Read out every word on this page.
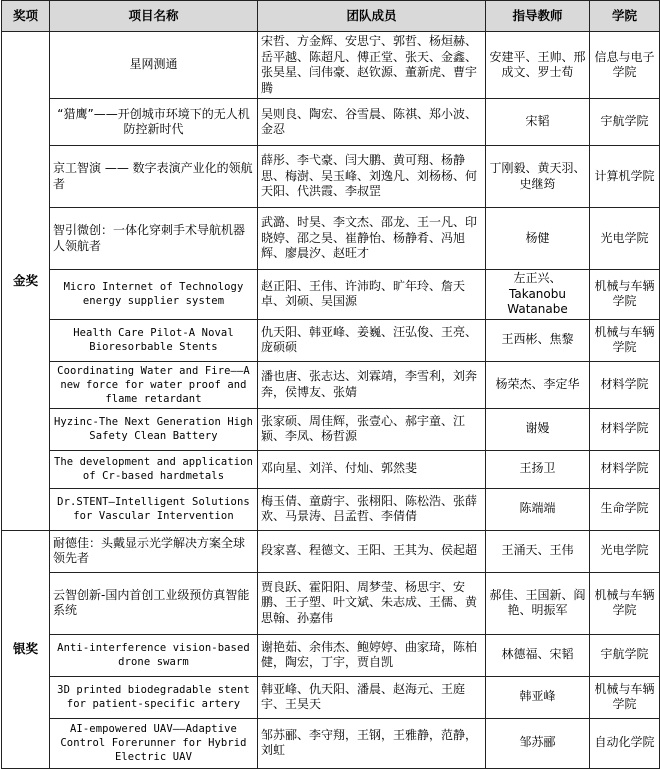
奖项	项目名称	团队成员	指导教师	学院
金奖	星网测通	宋哲、方金辉、安思宁、郭哲、杨烜赫、岳平越、陈超凡、傅正堂、张天、金鑫、张昊星、闫伟豪、赵钦源、董新虎、曹宇腾	安建平、王帅、邢成文、罗士荀	信息与电子学院
	“猎鹰”——开创城市环境下的无人机防控新时代	吴则良、陶宏、谷雪晨、陈祺、郑小波、金忍	宋韬	宇航学院
	京工智演 —— 数字表演产业化的领航者	薛彤、李弋豪、闫大鹏、黄可翔、杨静思、梅澍、吴玉峰、刘逸凡、刘杨杨、何天阳、代洪霞、李叔罡	丁刚毅、黄天羽、史继筠	计算机学院
	智引微创：一体化穿刺手术导航机器人领航者	武潞、时昊、李文杰、邵龙、王一凡、印晓婷、邵之昊、崔静怡、杨静肴、冯旭辉、廖晨汐、赵旺才	杨健	光电学院
	Micro Internet of Technology energy supplier system	赵正阳、王伟、许沛昀、旷年玲、詹天卓、刘硕、吴国源	左正兴、Takanobu Watanabe	机械与车辆学院
	Health Care Pilot-A Noval Bioresorbable Stents	仇天阳、韩亚峰、姜巍、汪弘俊、王亮、庞硕硕	王西彬、焦黎	机械与车辆学院
	Coordinating Water and Fire——A new force for water proof and flame retardant	潘也唐、张志达、刘霖靖，李雪利，刘奔奔，侯博友、张婧	杨荣杰、李定华	材料学院
	Hyzinc-The Next Generation High Safety Clean Battery	张家硕、周佳辉，张壹心、郝宇童、江颖、李凤、杨哲源	谢嫚	材料学院
	The development and application of Cr-based hardmetals	邓向星、刘洋、付灿、郭然斐	王扬卫	材料学院
	Dr.STENT—Intelligent Solutions for Vascular Intervention	梅玉倩、童蔚宇、张栩阳、陈松浩、张薛欢、马景涛、吕孟哲、李倩倩	陈端端	生命学院
银奖	耐德佳：头戴显示光学解决方案全球领先者	段家喜、程德文、王阳、王其为、侯起超	王涌天、王伟	光电学院
	云智创新-国内首创工业级预仿真智能系统	贾良跃、霍阳阳、周梦莹、杨思宇、安鹏、王子塑、叶文斌、朱志成、王儒、黄思翰、孙嘉伟	郝佳、王国新、阎艳、明振军	机械与车辆学院
	Anti-interference vision-based drone swarm	谢艳茹、余伟杰、鲍婷婷、曲家琦，陈柏健，陶宏，丁宇，贾自凯	林德福、宋韬	宇航学院
	3D printed biodegradable stent for patient-specific artery	韩亚峰、仇天阳、潘晨、赵海元、王庭宇、王昊天	韩亚峰	机械与车辆学院
	AI-empowered UAV——Adaptive Control Forerunner for Hybrid Electric UAV	邹苏郦、李守翔，王钢，王雅静，范静，刘虹	邹苏郦	自动化学院
